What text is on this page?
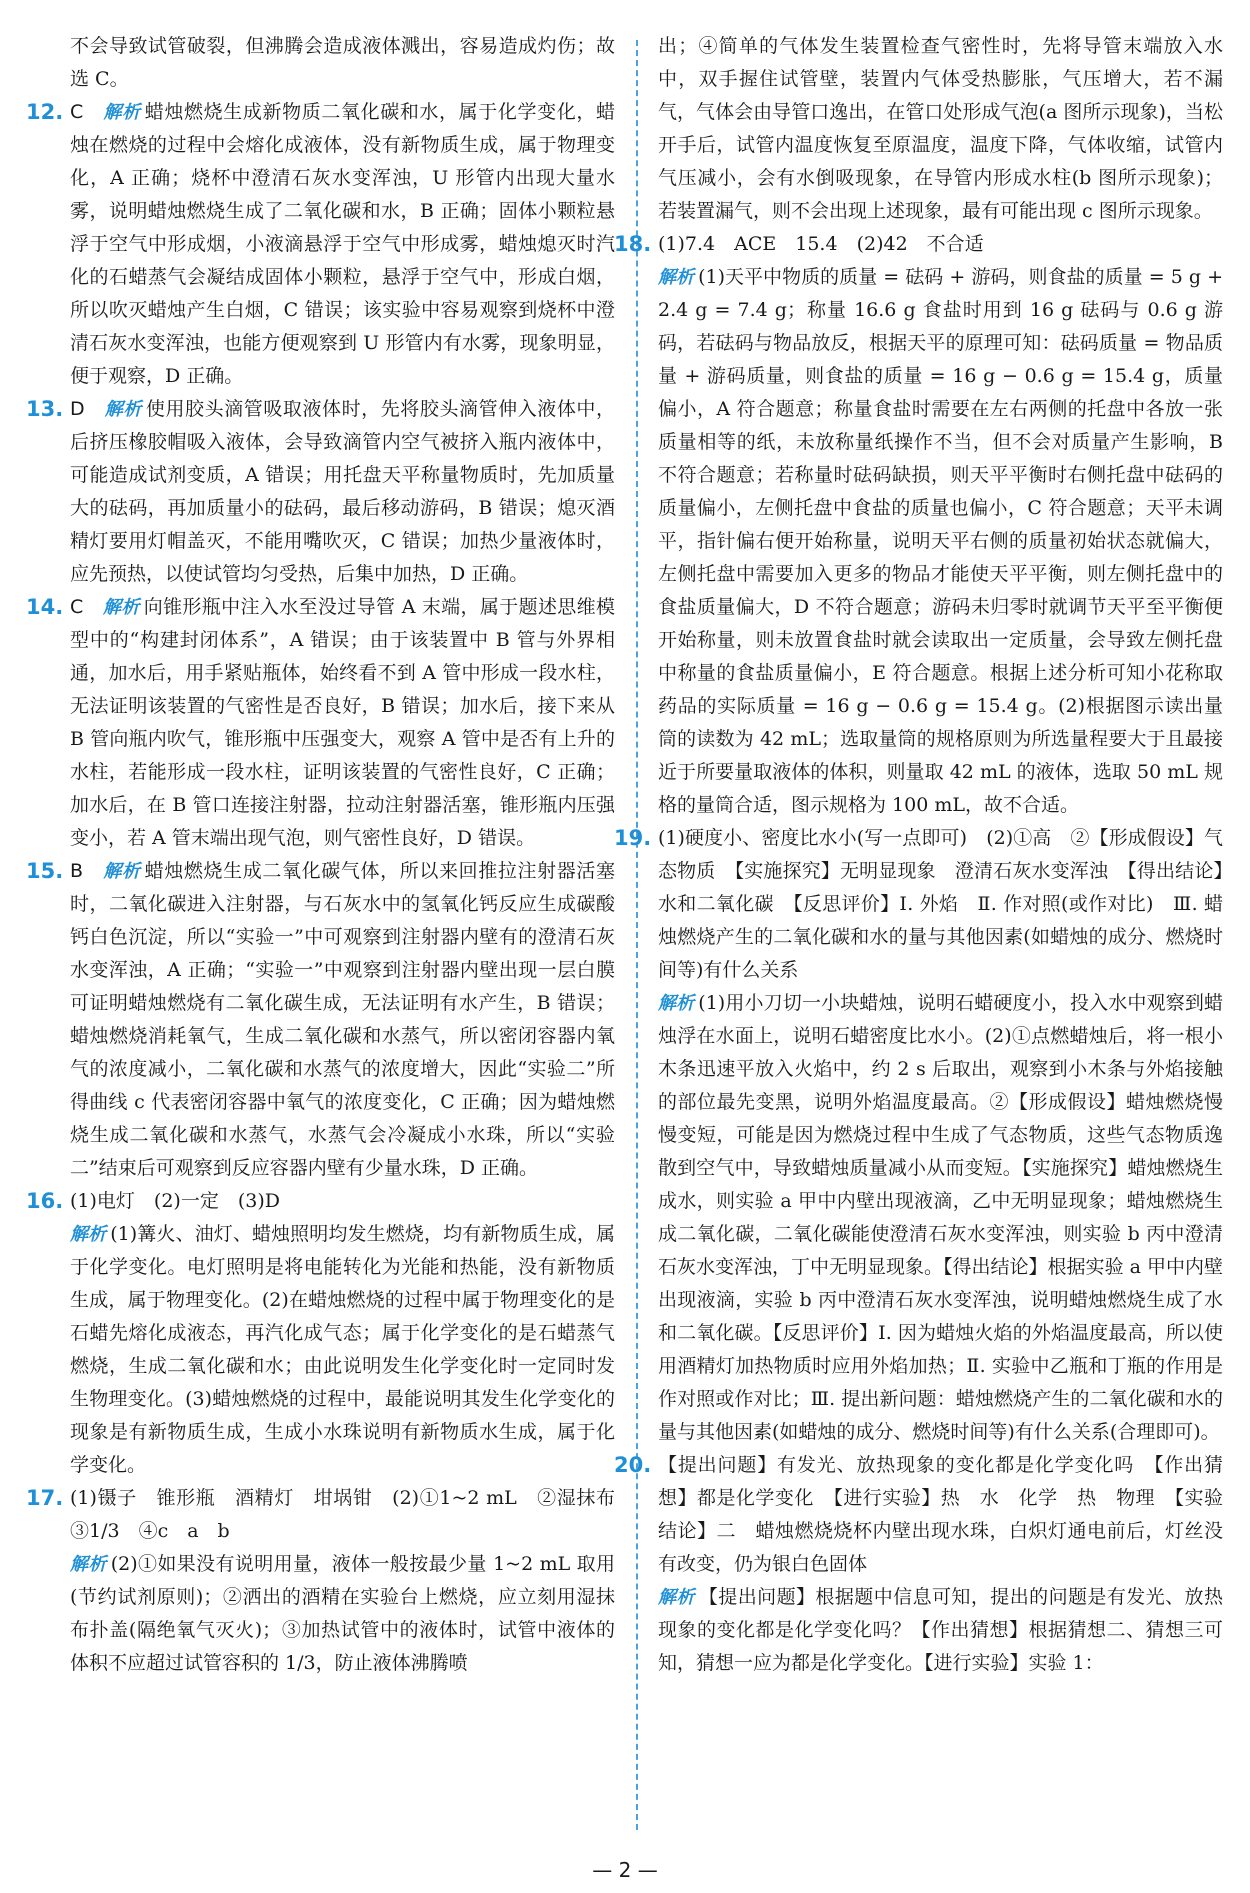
不会导致试管破裂，但沸腾会造成液体溅出，容易造成灼伤；故选 C。

12. C　 解析 蜡烛燃烧生成新物质二氧化碳和水，属于化学变化，蜡烛在燃烧的过程中会熔化成液体，没有新物质生成，属于物理变化，A 正确；烧杯中澄清石灰水变浑浊，U 形管内出现大量水雾，说明蜡烛燃烧生成了二氧化碳和水，B 正确；固体小颗粒悬浮于空气中形成烟，小液滴悬浮于空气中形成雾，蜡烛熄灭时汽化的石蜡蒸气会凝结成固体小颗粒，悬浮于空气中，形成白烟，所以吹灭蜡烛产生白烟，C 错误；该实验中容易观察到烧杯中澄清石灰水变浑浊，也能方便观察到 U 形管内有水雾，现象明显，便于观察，D 正确。

13. D　 解析 使用胶头滴管吸取液体时，先将胶头滴管伸入液体中，后挤压橡胶帽吸入液体，会导致滴管内空气被挤入瓶内液体中，可能造成试剂变质，A 错误；用托盘天平称量物质时，先加质量大的砝码，再加质量小的砝码，最后移动游码，B 错误；熄灭酒精灯要用灯帽盖灭，不能用嘴吹灭，C 错误；加热少量液体时，应先预热，以使试管均匀受热，后集中加热，D 正确。

14. C　 解析 向锥形瓶中注入水至没过导管 A 末端，属于题述思维模型中的“构建封闭体系”，A 错误；由于该装置中 B 管与外界相通，加水后，用手紧贴瓶体，始终看不到 A 管中形成一段水柱，无法证明该装置的气密性是否良好，B 错误；加水后，接下来从 B 管向瓶内吹气，锥形瓶中压强变大，观察 A 管中是否有上升的水柱，若能形成一段水柱，证明该装置的气密性良好，C 正确；加水后，在 B 管口连接注射器，拉动注射器活塞，锥形瓶内压强变小，若 A 管末端出现气泡，则气密性良好，D 错误。

15. B　 解析 蜡烛燃烧生成二氧化碳气体，所以来回推拉注射器活塞时，二氧化碳进入注射器，与石灰水中的氢氧化钙反应生成碳酸钙白色沉淀，所以“实验一”中可观察到注射器内壁有的澄清石灰水变浑浊，A 正确；“实验一”中观察到注射器内壁出现一层白膜可证明蜡烛燃烧有二氧化碳生成，无法证明有水产生，B 错误；蜡烛燃烧消耗氧气，生成二氧化碳和水蒸气，所以密闭容器内氧气的浓度减小，二氧化碳和水蒸气的浓度增大，因此“实验二”所得曲线 c 代表密闭容器中氧气的浓度变化，C 正确；因为蜡烛燃烧生成二氧化碳和水蒸气，水蒸气会冷凝成小水珠，所以“实验二”结束后可观察到反应容器内壁有少量水珠，D 正确。

16. (1)电灯　(2)一定　(3)D

解析 (1)篝火、油灯、蜡烛照明均发生燃烧，均有新物质生成，属于化学变化。电灯照明是将电能转化为光能和热能，没有新物质生成，属于物理变化。(2)在蜡烛燃烧的过程中属于物理变化的是石蜡先熔化成液态，再汽化成气态；属于化学变化的是石蜡蒸气燃烧，生成二氧化碳和水；由此说明发生化学变化时一定同时发生物理变化。(3)蜡烛燃烧的过程中，最能说明其发生化学变化的现象是有新物质生成，生成小水珠说明有新物质水生成，属于化学变化。

17. (1)镊子　锥形瓶　酒精灯　坩埚钳　(2)①1~2 mL　②湿抹布　③1/3　④c　a　b

解析 (2)①如果没有说明用量，液体一般按最少量 1~2 mL 取用(节约试剂原则)；②洒出的酒精在实验台上燃烧，应立刻用湿抹布扑盖(隔绝氧气灭火)；③加热试管中的液体时，试管中液体的体积不应超过试管容积的 1/3，防止液体沸腾喷

出；④简单的气体发生装置检查气密性时，先将导管末端放入水中，双手握住试管壁，装置内气体受热膨胀，气压增大，若不漏气，气体会由导管口逸出，在管口处形成气泡(a 图所示现象)，当松开手后，试管内温度恢复至原温度，温度下降，气体收缩，试管内气压减小，会有水倒吸现象，在导管内形成水柱(b 图所示现象)；若装置漏气，则不会出现上述现象，最有可能出现 c 图所示现象。

18. (1)7.4　ACE　15.4　(2)42　不合适

解析 (1)天平中物质的质量 = 砝码 + 游码，则食盐的质量 = 5 g + 2.4 g = 7.4 g；称量 16.6 g 食盐时用到 16 g 砝码与 0.6 g 游码，若砝码与物品放反，根据天平的原理可知：砝码质量 = 物品质量 + 游码质量，则食盐的质量 = 16 g − 0.6 g = 15.4 g，质量偏小，A 符合题意；称量食盐时需要在左右两侧的托盘中各放一张质量相等的纸，未放称量纸操作不当，但不会对质量产生影响，B 不符合题意；若称量时砝码缺损，则天平平衡时右侧托盘中砝码的质量偏小，左侧托盘中食盐的质量也偏小，C 符合题意；天平未调平，指针偏右便开始称量，说明天平右侧的质量初始状态就偏大，左侧托盘中需要加入更多的物品才能使天平平衡，则左侧托盘中的食盐质量偏大，D 不符合题意；游码未归零时就调节天平至平衡便开始称量，则未放置食盐时就会读取出一定质量，会导致左侧托盘中称量的食盐质量偏小，E 符合题意。根据上述分析可知小花称取药品的实际质量 = 16 g − 0.6 g = 15.4 g。(2)根据图示读出量筒的读数为 42 mL；选取量筒的规格原则为所选量程要大于且最接近于所要量取液体的体积，则量取 42 mL 的液体，选取 50 mL 规格的量筒合适，图示规格为 100 mL，故不合适。

19. (1)硬度小、密度比水小(写一点即可)　(2)①高　②【形成假设】气态物质　【实施探究】无明显现象　澄清石灰水变浑浊　【得出结论】水和二氧化碳　【反思评价】Ⅰ. 外焰　Ⅱ. 作对照(或作对比)　Ⅲ. 蜡烛燃烧产生的二氧化碳和水的量与其他因素(如蜡烛的成分、燃烧时间等)有什么关系

解析 (1)用小刀切一小块蜡烛，说明石蜡硬度小，投入水中观察到蜡烛浮在水面上，说明石蜡密度比水小。(2)①点燃蜡烛后，将一根小木条迅速平放入火焰中，约 2 s 后取出，观察到小木条与外焰接触的部位最先变黑，说明外焰温度最高。②【形成假设】蜡烛燃烧慢慢变短，可能是因为燃烧过程中生成了气态物质，这些气态物质逸散到空气中，导致蜡烛质量减小从而变短。【实施探究】蜡烛燃烧生成水，则实验 a 甲中内壁出现液滴，乙中无明显现象；蜡烛燃烧生成二氧化碳，二氧化碳能使澄清石灰水变浑浊，则实验 b 丙中澄清石灰水变浑浊，丁中无明显现象。【得出结论】根据实验 a 甲中内壁出现液滴，实验 b 丙中澄清石灰水变浑浊，说明蜡烛燃烧生成了水和二氧化碳。【反思评价】Ⅰ. 因为蜡烛火焰的外焰温度最高，所以使用酒精灯加热物质时应用外焰加热；Ⅱ. 实验中乙瓶和丁瓶的作用是作对照或作对比；Ⅲ. 提出新问题：蜡烛燃烧产生的二氧化碳和水的量与其他因素(如蜡烛的成分、燃烧时间等)有什么关系(合理即可)。

20. 【提出问题】有发光、放热现象的变化都是化学变化吗　【作出猜想】都是化学变化　【进行实验】热　水　化学　热　物理　【实验结论】二　蜡烛燃烧烧杯内壁出现水珠，白炽灯通电前后，灯丝没有改变，仍为银白色固体

解析 【提出问题】根据题中信息可知，提出的问题是有发光、放热现象的变化都是化学变化吗？【作出猜想】根据猜想二、猜想三可知，猜想一应为都是化学变化。【进行实验】实验 1：

— 2 —
